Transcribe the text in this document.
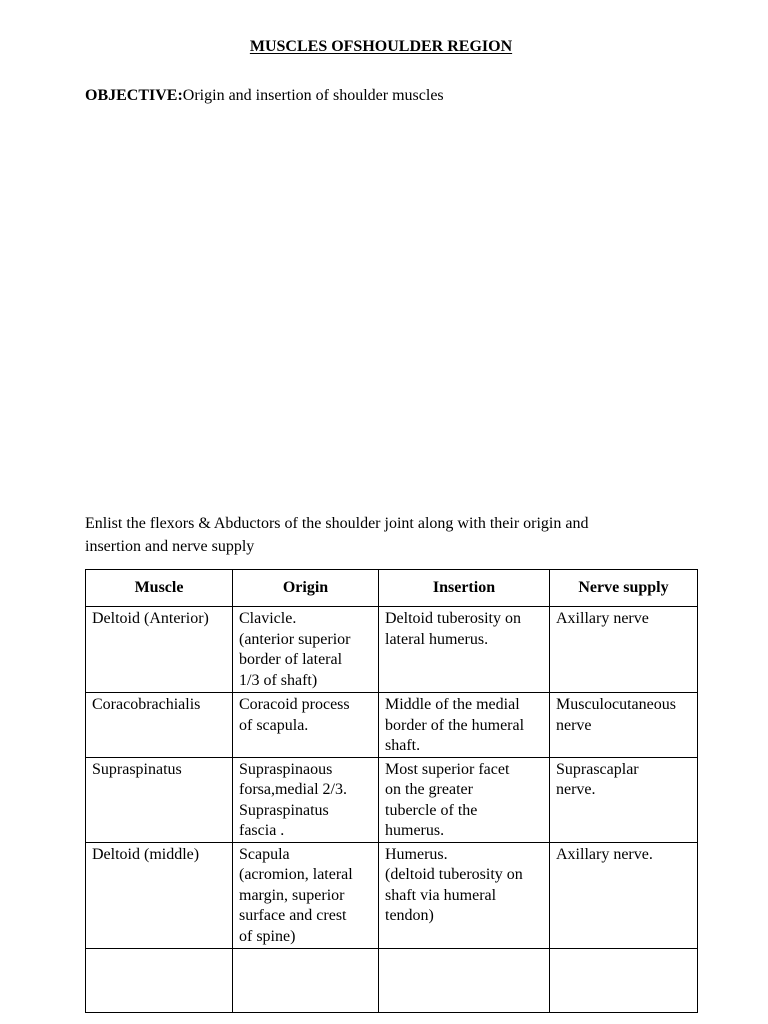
MUSCLES OFSHOULDER REGION
OBJECTIVE:Origin and insertion of shoulder muscles
Enlist the flexors & Abductors of the shoulder joint along with their origin and
insertion and nerve supply
Muscle	Origin	Insertion	Nerve supply

Deltoid (Anterior)	Clavicle.
(anterior superior
border of lateral
1/3 of shaft)	Deltoid tuberosity on
lateral humerus.	Axillary nerve

Coracobrachialis	Coracoid process
of scapula.	Middle of the medial
border of the humeral
shaft.	Musculocutaneous
nerve

Supraspinatus	Supraspinaous
forsa,medial 2/3.
Supraspinatus
fascia .	Most superior facet
on the greater
tubercle of the
humerus.	Suprascaplar
nerve.

Deltoid (middle)	Scapula
(acromion, lateral
margin, superior
surface and crest
of spine)	Humerus.
(deltoid tuberosity on
shaft via humeral
tendon)	Axillary nerve.
